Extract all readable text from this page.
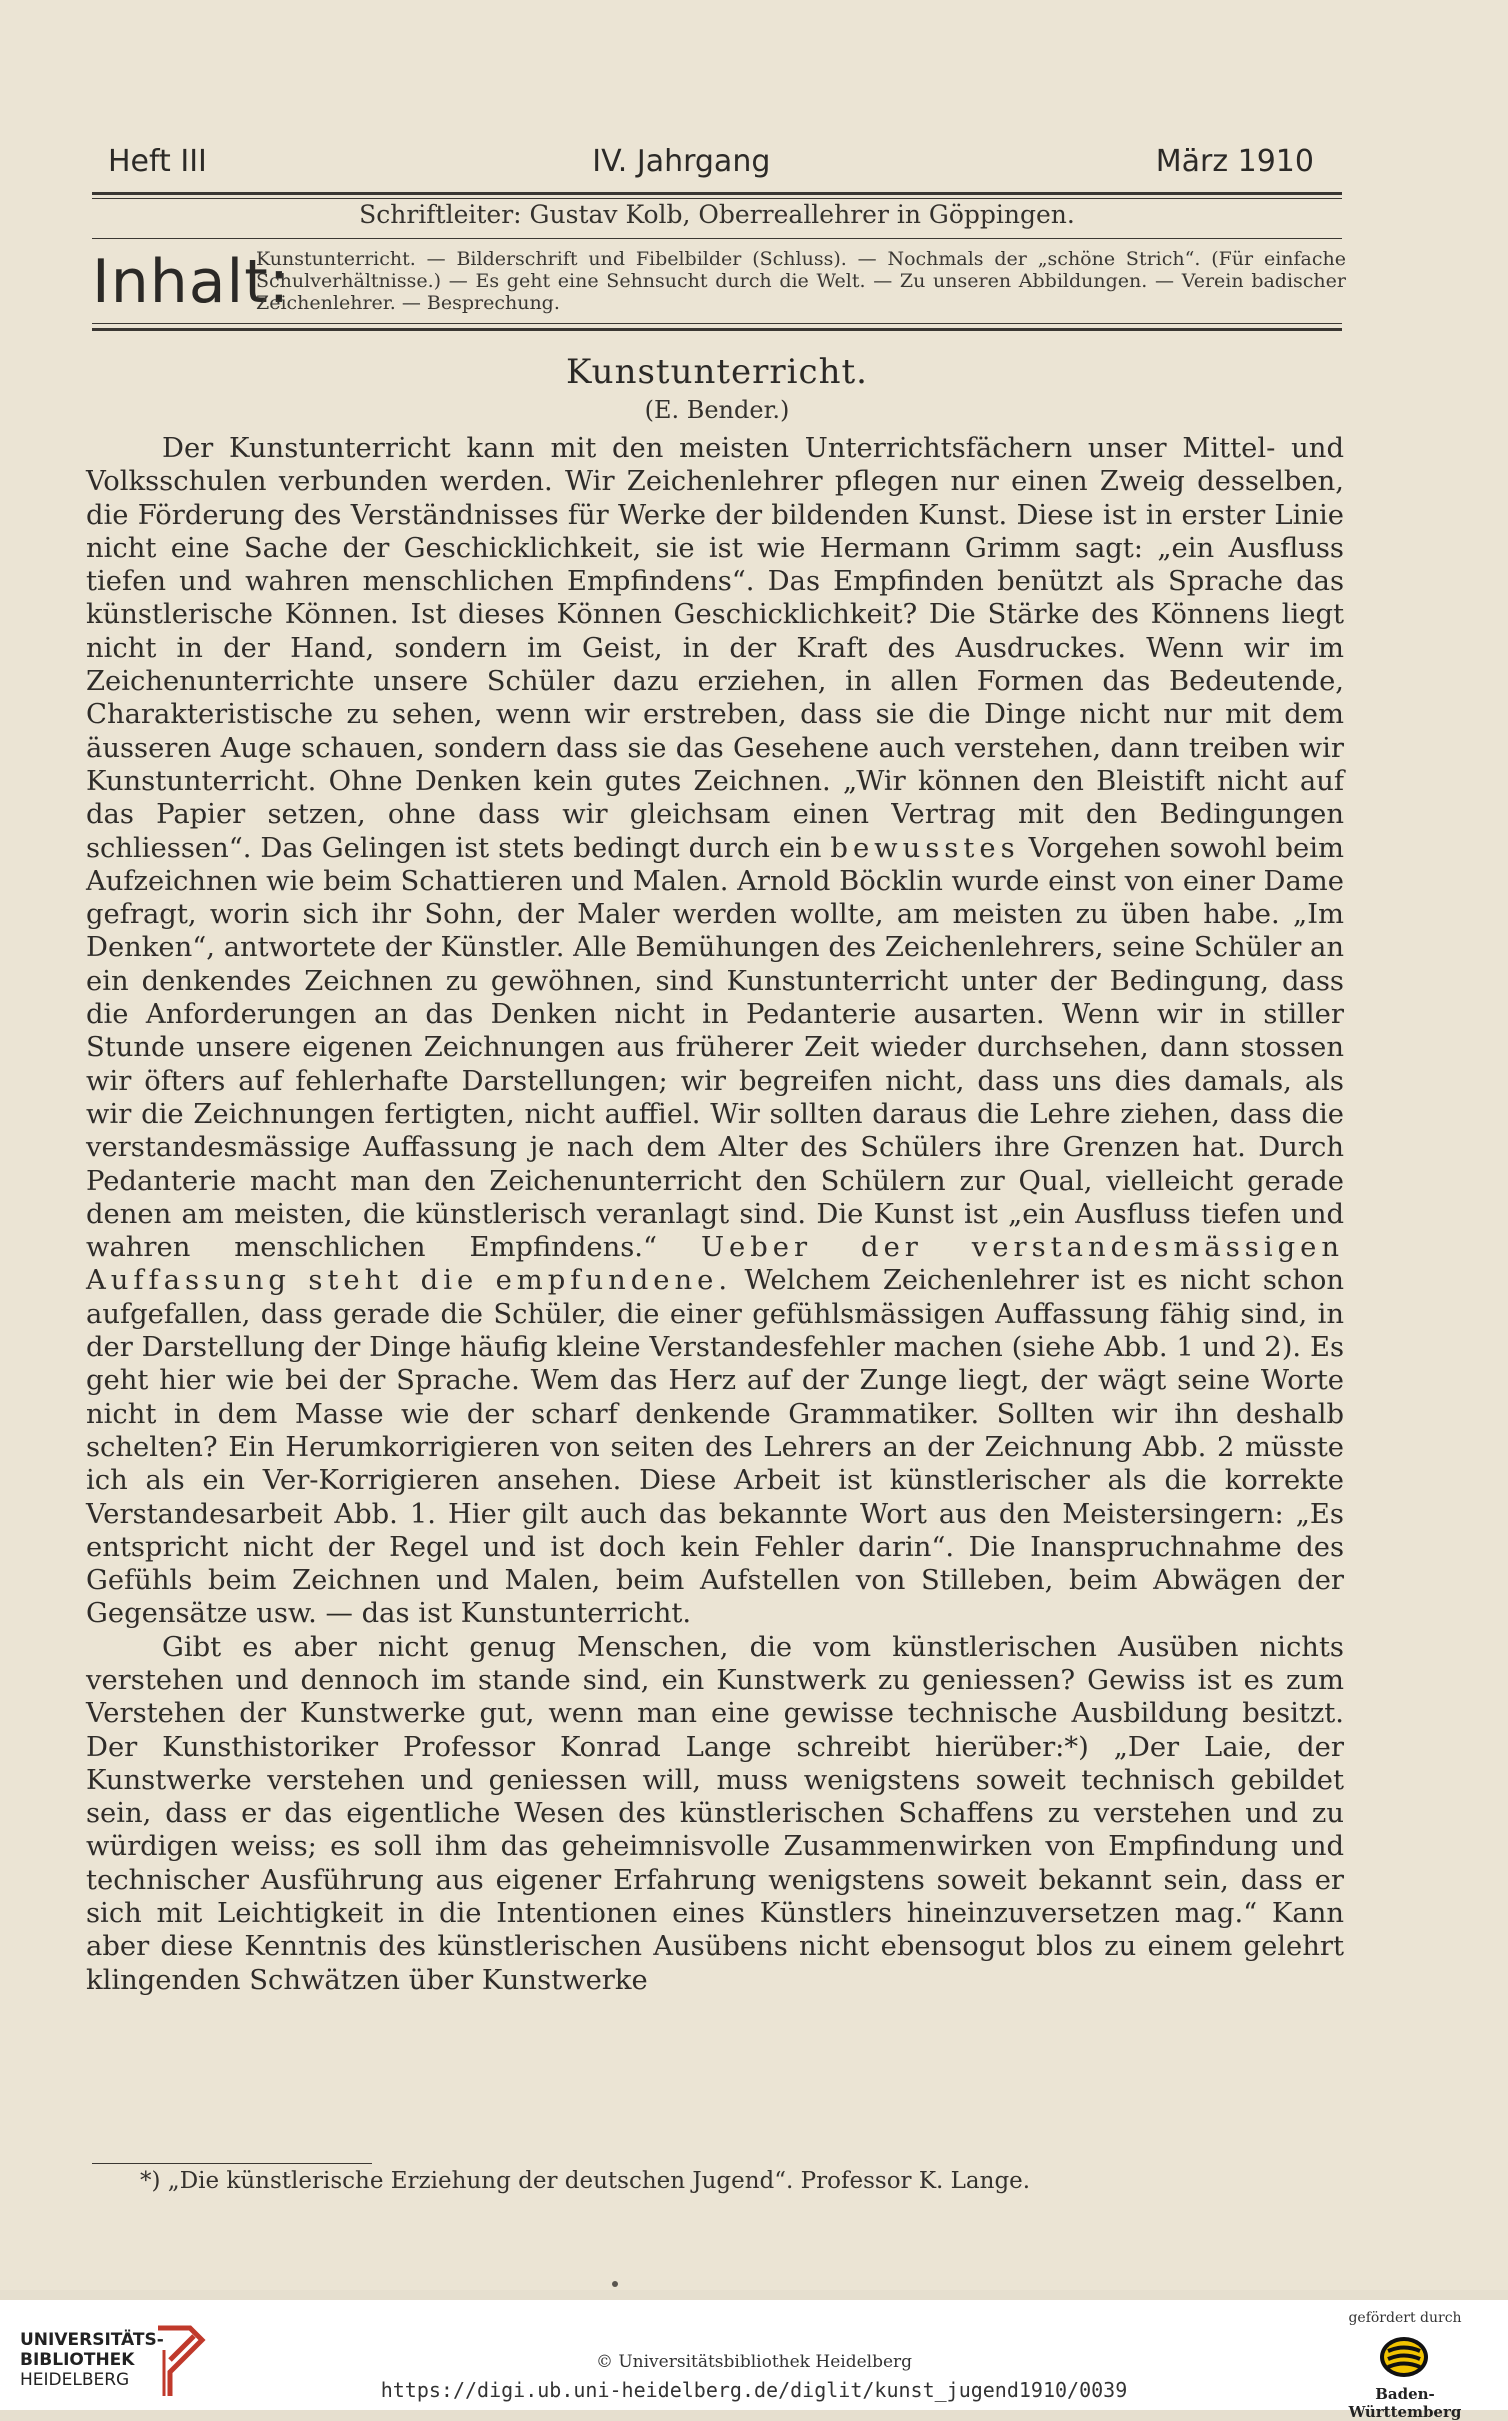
Heft III	IV. Jahrgang	März 1910
Schriftleiter: Gustav Kolb, Oberreallehrer in Göppingen.
Inhalt:
Kunstunterricht. — Bilderschrift und Fibelbilder (Schluss). — Nochmals der „schöne Strich“. (Für einfache Schulverhältnisse.) — Es geht eine Sehnsucht durch die Welt. — Zu unseren Abbildungen. — Verein badischer Zeichenlehrer. — Besprechung.
Kunstunterricht.
(E. Bender.)

Der Kunstunterricht kann mit den meisten Unterrichtsfächern unser Mittel- und Volksschulen verbunden werden. Wir Zeichenlehrer pflegen nur einen Zweig desselben, die Förderung des Verständnisses für Werke der bildenden Kunst. Diese ist in erster Linie nicht eine Sache der Geschicklichkeit, sie ist wie Hermann Grimm sagt: „ein Ausfluss tiefen und wahren menschlichen Empfindens“. Das Empfinden benützt als Sprache das künstlerische Können. Ist dieses Können Geschicklichkeit? Die Stärke des Könnens liegt nicht in der Hand, sondern im Geist, in der Kraft des Ausdruckes. Wenn wir im Zeichenunterrichte unsere Schüler dazu erziehen, in allen Formen das Bedeutende, Charakteristische zu sehen, wenn wir erstreben, dass sie die Dinge nicht nur mit dem äusseren Auge schauen, sondern dass sie das Gesehene auch verstehen, dann treiben wir Kunstunterricht. Ohne Denken kein gutes Zeichnen. „Wir können den Bleistift nicht auf das Papier setzen, ohne dass wir gleichsam einen Vertrag mit den Bedingungen schliessen“. Das Gelingen ist stets bedingt durch ein bewusstes Vorgehen sowohl beim Aufzeichnen wie beim Schattieren und Malen. Arnold Böcklin wurde einst von einer Dame gefragt, worin sich ihr Sohn, der Maler werden wollte, am meisten zu üben habe. „Im Denken“, antwortete der Künstler. Alle Bemühungen des Zeichenlehrers, seine Schüler an ein denkendes Zeichnen zu gewöhnen, sind Kunstunterricht unter der Bedingung, dass die Anforderungen an das Denken nicht in Pedanterie ausarten. Wenn wir in stiller Stunde unsere eigenen Zeichnungen aus früherer Zeit wieder durchsehen, dann stossen wir öfters auf fehlerhafte Darstellungen; wir begreifen nicht, dass uns dies damals, als wir die Zeichnungen fertigten, nicht auffiel. Wir sollten daraus die Lehre ziehen, dass die verstandesmässige Auffassung je nach dem Alter des Schülers ihre Grenzen hat. Durch Pedanterie macht man den Zeichenunterricht den Schülern zur Qual, vielleicht gerade denen am meisten, die künstlerisch veranlagt sind. Die Kunst ist „ein Ausfluss tiefen und wahren menschlichen Empfindens.“ Ueber der verstandesmässigen Auffassung steht die empfundene. Welchem Zeichenlehrer ist es nicht schon aufgefallen, dass gerade die Schüler, die einer gefühlsmässigen Auffassung fähig sind, in der Darstellung der Dinge häufig kleine Verstandesfehler machen (siehe Abb. 1 und 2). Es geht hier wie bei der Sprache. Wem das Herz auf der Zunge liegt, der wägt seine Worte nicht in dem Masse wie der scharf denkende Grammatiker. Sollten wir ihn deshalb schelten? Ein Herumkorrigieren von seiten des Lehrers an der Zeichnung Abb. 2 müsste ich als ein Ver-Korrigieren ansehen. Diese Arbeit ist künstlerischer als die korrekte Verstandesarbeit Abb. 1. Hier gilt auch das bekannte Wort aus den Meistersingern: „Es entspricht nicht der Regel und ist doch kein Fehler darin“. Die Inanspruchnahme des Gefühls beim Zeichnen und Malen, beim Aufstellen von Stilleben, beim Abwägen der Gegensätze usw. — das ist Kunstunterricht.

Gibt es aber nicht genug Menschen, die vom künstlerischen Ausüben nichts verstehen und dennoch im stande sind, ein Kunstwerk zu geniessen? Gewiss ist es zum Verstehen der Kunstwerke gut, wenn man eine gewisse technische Ausbildung besitzt. Der Kunsthistoriker Professor Konrad Lange schreibt hierüber:*) „Der Laie, der Kunstwerke verstehen und geniessen will, muss wenigstens soweit technisch gebildet sein, dass er das eigentliche Wesen des künstlerischen Schaffens zu verstehen und zu würdigen weiss; es soll ihm das geheimnisvolle Zusammenwirken von Empfindung und technischer Ausführung aus eigener Erfahrung wenigstens soweit bekannt sein, dass er sich mit Leichtigkeit in die Intentionen eines Künstlers hineinzuversetzen mag.“ Kann aber diese Kenntnis des künstlerischen Ausübens nicht ebensogut blos zu einem gelehrt klingenden Schwätzen über Kunstwerke

*) „Die künstlerische Erziehung der deutschen Jugend“. Professor K. Lange.
UNIVERSITÄTS-
BIBLIOTHEK
HEIDELBERG
© Universitätsbibliothek Heidelberg
https://digi.ub.uni-heidelberg.de/diglit/kunst_jugend1910/0039
gefördert durch
Baden-Württemberg
